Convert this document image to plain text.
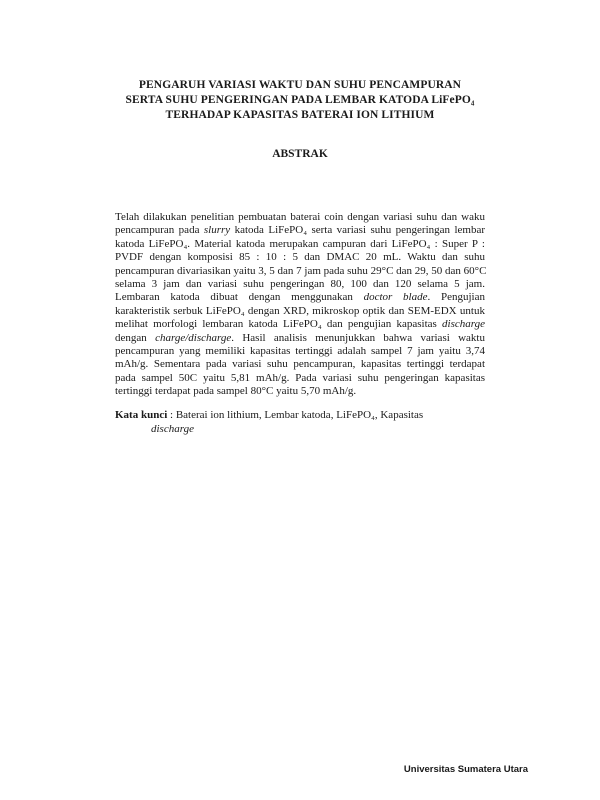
PENGARUH VARIASI WAKTU DAN SUHU PENCAMPURAN
SERTA SUHU PENGERINGAN PADA LEMBAR KATODA LiFePO₄
TERHADAP KAPASITAS BATERAI ION LITHIUM
ABSTRAK
Telah dilakukan penelitian pembuatan baterai coin dengan variasi suhu dan waku
pencampuran pada slurry katoda LiFePO₄ serta variasi suhu pengeringan lembar
katoda LiFePO₄. Material katoda merupakan campuran dari LiFePO₄ : Super P :
PVDF dengan komposisi 85 : 10 : 5 dan DMAC 20 mL. Waktu dan suhu
pencampuran divariasikan yaitu 3, 5 dan 7 jam pada suhu 29°C dan 29, 50 dan 60°C
selama 3 jam dan variasi suhu pengeringan 80, 100 dan 120 selama 5 jam.
Lembaran katoda dibuat dengan menggunakan doctor blade. Pengujian
karakteristik serbuk LiFePO₄ dengan XRD, mikroskop optik dan SEM-EDX untuk
melihat morfologi lembaran katoda LiFePO₄ dan pengujian kapasitas discharge
dengan charge/discharge. Hasil analisis menunjukkan bahwa variasi waktu
pencampuran yang memiliki kapasitas tertinggi adalah sampel 7 jam yaitu 3,74
mAh/g. Sementara pada variasi suhu pencampuran, kapasitas tertinggi terdapat
pada sampel 50C yaitu 5,81 mAh/g. Pada variasi suhu pengeringan kapasitas
tertinggi terdapat pada sampel 80°C yaitu 5,70 mAh/g.
Kata kunci : Baterai ion lithium, Lembar katoda, LiFePO₄, Kapasitas
discharge
Universitas Sumatera Utara
